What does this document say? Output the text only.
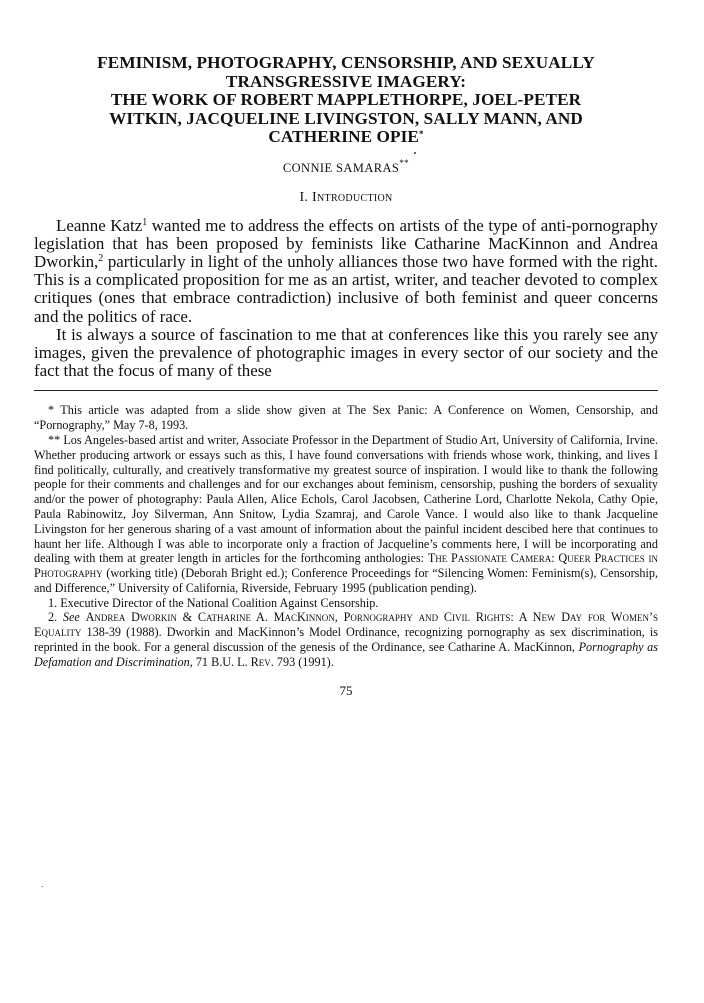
FEMINISM, PHOTOGRAPHY, CENSORSHIP, AND SEXUALLY
TRANSGRESSIVE IMAGERY:
THE WORK OF ROBERT MAPPLETHORPE, JOEL-PETER
WITKIN, JACQUELINE LIVINGSTON, SALLY MANN, AND
CATHERINE OPIE*
CONNIE SAMARAS**
I. Introduction

Leanne Katz$^1$ wanted me to address the effects on artists of the type of anti-pornography legislation that has been proposed by feminists like Catharine MacKinnon and Andrea Dworkin,$^2$ particularly in light of the unholy alliances those two have formed with the right. This is a complicated proposition for me as an artist, writer, and teacher devoted to complex critiques (ones that embrace contradiction) inclusive of both feminist and queer concerns and the politics of race.

It is always a source of fascination to me that at conferences like this you rarely see any images, given the prevalence of photographic images in every sector of our society and the fact that the focus of many of these

* This article was adapted from a slide show given at The Sex Panic: A Conference on Women, Censorship, and “Pornography,” May 7-8, 1993.

** Los Angeles-based artist and writer, Associate Professor in the Department of Studio Art, University of California, Irvine. Whether producing artwork or essays such as this, I have found conversations with friends whose work, thinking, and lives I find politically, culturally, and creatively transformative my greatest source of inspiration. I would like to thank the following people for their comments and challenges and for our exchanges about feminism, censorship, pushing the borders of sexuality and/or the power of photography: Paula Allen, Alice Echols, Carol Jacobsen, Catherine Lord, Charlotte Nekola, Cathy Opie, Paula Rabinowitz, Joy Silverman, Ann Snitow, Lydia Szamraj, and Carole Vance. I would also like to thank Jacqueline Livingston for her generous sharing of a vast amount of information about the painful incident descibed here that continues to haunt her life. Although I was able to incorporate only a fraction of Jacqueline’s comments here, I will be incorporating and dealing with them at greater length in articles for the forthcoming anthologies: The Passionate Camera: Queer Practices in Photography (working title) (Deborah Bright ed.); Conference Proceedings for “Silencing Women: Feminism(s), Censorship, and Difference,” University of California, Riverside, February 1995 (publication pending).

1. Executive Director of the National Coalition Against Censorship.

2. See Andrea Dworkin & Catharine A. MacKinnon, Pornography and Civil Rights: A New Day for Women’s Equality 138-39 (1988). Dworkin and MacKinnon’s Model Ordinance, recognizing pornography as sex discrimination, is reprinted in the book. For a general discussion of the genesis of the Ordinance, see Catharine A. MacKinnon, Pornography as Defamation and Discrimination, 71 B.U. L. Rev. 793 (1991).

75
